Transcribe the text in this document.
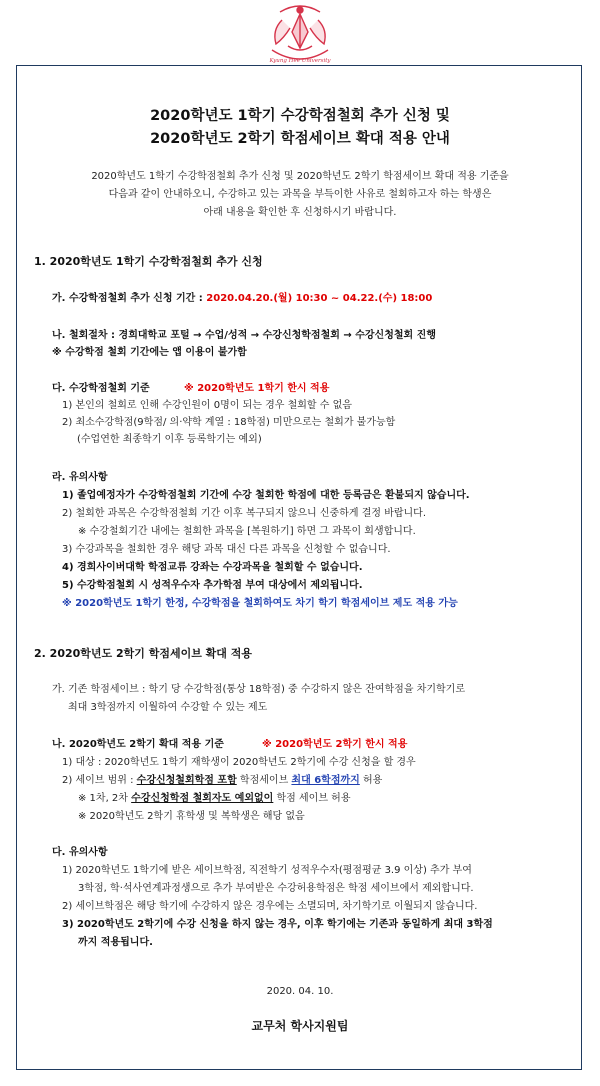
Kyung Hee University
2020학년도 1학기 수강학점철회 추가 신청 및
2020학년도 2학기 학점세이브 확대 적용 안내
2020학년도 1학기 수강학점철회 추가 신청 및 2020학년도 2학기 학점세이브 확대 적용 기준을
다음과 같이 안내하오니, 수강하고 있는 과목을 부득이한 사유로 철회하고자 하는 학생은
아래 내용을 확인한 후 신청하시기 바랍니다.
1. 2020학년도 1학기 수강학점철회 추가 신청
가. 수강학점철회 추가 신청 기간 : 2020.04.20.(월) 10:30 ~ 04.22.(수) 18:00
나. 철회절차 : 경희대학교 포털 → 수업/성적 → 수강신청학점철회 → 수강신청철회 진행
※ 수강학점 철회 기간에는 앱 이용이 불가함
다. 수강학점철회 기준	※ 2020학년도 1학기 한시 적용
1) 본인의 철회로 인해 수강인원이 0명이 되는 경우 철회할 수 없음
2) 최소수강학점(9학점/ 의·약학 계열 : 18학점) 미만으로는 철회가 불가능함
(수업연한 최종학기 이후 등록학기는 예외)
라. 유의사항
1) 졸업예정자가 수강학점철회 기간에 수강 철회한 학점에 대한 등록금은 환불되지 않습니다.
2) 철회한 과목은 수강학점철회 기간 이후 복구되지 않으니 신중하게 결정 바랍니다.
※ 수강철회기간 내에는 철회한 과목을 [복원하기] 하면 그 과목이 회생합니다.
3) 수강과목을 철회한 경우 해당 과목 대신 다른 과목을 신청할 수 없습니다.
4) 경희사이버대학 학점교류 강좌는 수강과목을 철회할 수 없습니다.
5) 수강학점철회 시 성적우수자 추가학점 부여 대상에서 제외됩니다.
※ 2020학년도 1학기 한정, 수강학점을 철회하여도 차기 학기 학점세이브 제도 적용 가능
2. 2020학년도 2학기 학점세이브 확대 적용
가. 기존 학점세이브 : 학기 당 수강학점(통상 18학점) 중 수강하지 않은 잔여학점을 차기학기로
최대 3학점까지 이월하여 수강할 수 있는 제도
나. 2020학년도 2학기 확대 적용 기준	※ 2020학년도 2학기 한시 적용
1) 대상 : 2020학년도 1학기 재학생이 2020학년도 2학기에 수강 신청을 할 경우
2) 세이브 범위 : 수강신청철회학점 포함 학점세이브 최대 6학점까지 허용
※ 1차, 2차 수강신청학점 철회자도 예외없이 학점 세이브 허용
※ 2020학년도 2학기 휴학생 및 복학생은 해당 없음
다. 유의사항
1) 2020학년도 1학기에 받은 세이브학점, 직전학기 성적우수자(평점평균 3.9 이상) 추가 부여
3학점, 학·석사연계과정생으로 추가 부여받은 수강허용학점은 학점 세이브에서 제외합니다.
2) 세이브학점은 해당 학기에 수강하지 않은 경우에는 소멸되며, 차기학기로 이월되지 않습니다.
3) 2020학년도 2학기에 수강 신청을 하지 않는 경우, 이후 학기에는 기존과 동일하게 최대 3학점
까지 적용됩니다.
2020. 04. 10.
교무처 학사지원팀
